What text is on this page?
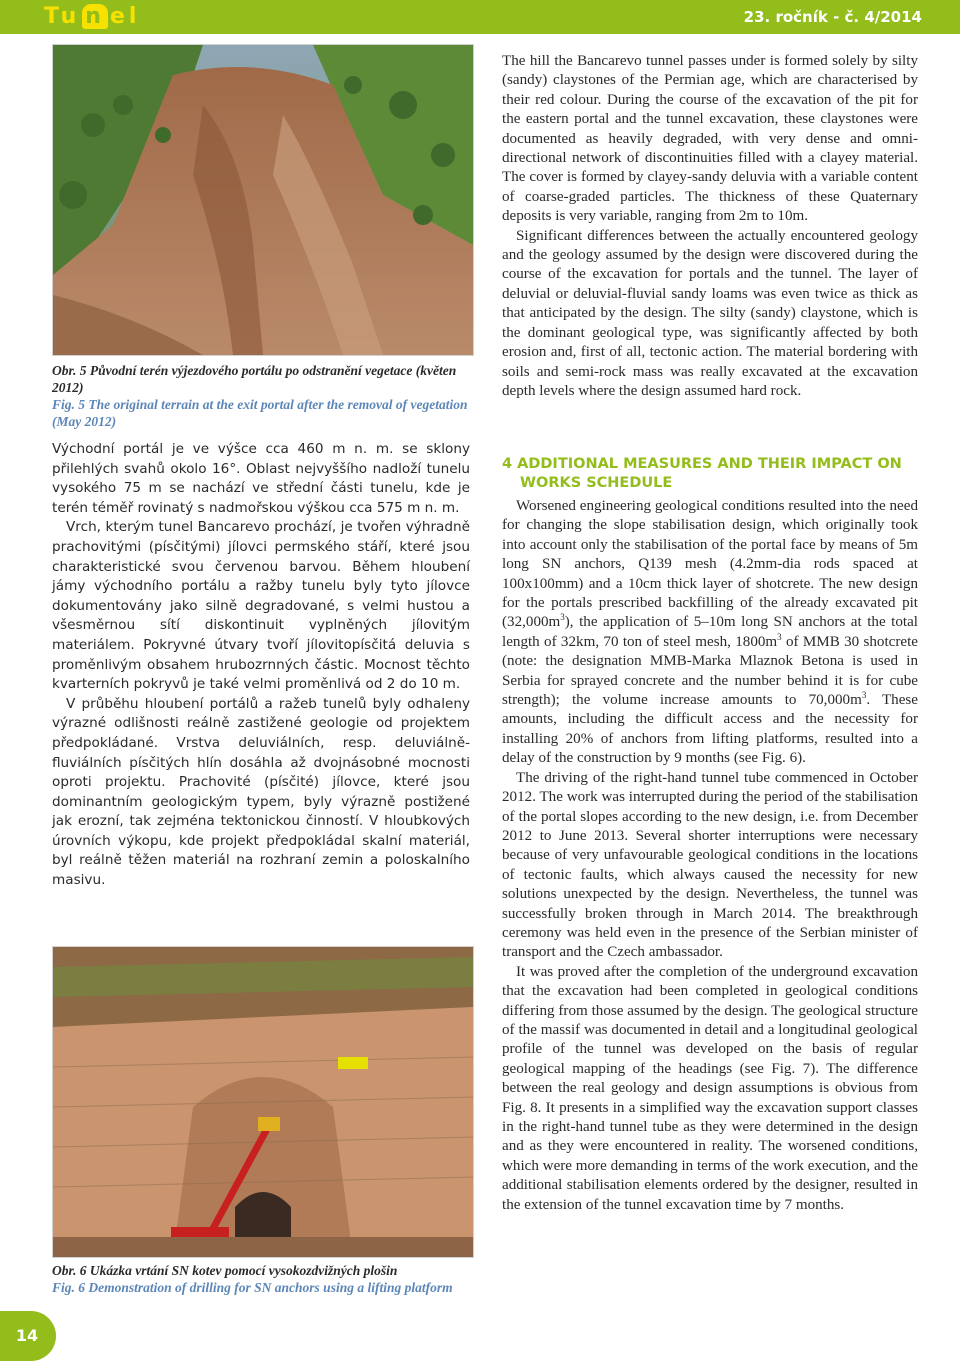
Tu n el	23. ročník - č. 4/2014
Obr. 5 Původní terén výjezdového portálu po odstranění vegetace (květen 2012)
Fig. 5 The original terrain at the exit portal after the removal of vegetation (May 2012)

Východní portál je ve výšce cca 460 m n. m. se sklony přilehlých svahů okolo 16°. Oblast nejvyššího nadloží tunelu vysokého 75 m se nachází ve střední části tunelu, kde je terén téměř rovinatý s nadmořskou výškou cca 575 m n. m.

Vrch, kterým tunel Bancarevo prochází, je tvořen výhradně prachovitými (písčitými) jílovci permského stáří, které jsou charakteristické svou červenou barvou. Během hloubení jámy východního portálu a ražby tunelu byly tyto jílovce dokumentovány jako silně degradované, s velmi hustou a všesměrnou sítí diskontinuit vyplněných jílovitým materiálem. Pokryvné útvary tvoří jílovitopísčitá deluvia s proměnlivým obsahem hrubozrnných částic. Mocnost těchto kvarterních pokryvů je také velmi proměnlivá od 2 do 10 m.

V průběhu hloubení portálů a ražeb tunelů byly odhaleny výrazné odlišnosti reálně zastižené geologie od projektem předpokládané. Vrstva deluviálních, resp. deluviálně-fluviálních písčitých hlín dosáhla až dvojnásobné mocnosti oproti projektu. Prachovité (písčité) jílovce, které jsou dominantním geologickým typem, byly výrazně postižené jak erozní, tak zejména tektonickou činností. V hloubkových úrovních výkopu, kde projekt předpokládal skalní materiál, byl reálně těžen materiál na rozhraní zemin a poloskalního masivu.

Obr. 6 Ukázka vrtání SN kotev pomocí vysokozdvižných plošin
Fig. 6 Demonstration of drilling for SN anchors using a lifting platform

The hill the Bancarevo tunnel passes under is formed solely by silty (sandy) claystones of the Permian age, which are characterised by their red colour. During the course of the excavation of the pit for the eastern portal and the tunnel excavation, these claystones were documented as heavily degraded, with very dense and omni-directional network of discontinuities filled with a clayey material. The cover is formed by clayey-sandy deluvia with a variable content of coarse-graded particles. The thickness of these Quaternary deposits is very variable, ranging from 2m to 10m.

Significant differences between the actually encountered geology and the geology assumed by the design were discovered during the course of the excavation for portals and the tunnel. The layer of deluvial or deluvial-fluvial sandy loams was even twice as thick as that anticipated by the design. The silty (sandy) claystone, which is the dominant geological type, was significantly affected by both erosion and, first of all, tectonic action. The material bordering with soils and semi-rock mass was really excavated at the excavation depth levels where the design assumed hard rock.

4 ADDITIONAL MEASURES AND THEIR IMPACT ON
WORKS SCHEDULE

Worsened engineering geological conditions resulted into the need for changing the slope stabilisation design, which originally took into account only the stabilisation of the portal face by means of 5m long SN anchors, Q139 mesh (4.2mm-dia rods spaced at 100x100mm) and a 10cm thick layer of shotcrete. The new design for the portals prescribed backfilling of the already excavated pit $(32,000m^3)$, the application of 5–10m long SN anchors at the total length of 32km, 70 ton of steel mesh, $1800m^3$ of MMB 30 shotcrete (note: the designation MMB-Marka Mlaznok Betona is used in Serbia for sprayed concrete and the number behind it is for cube strength); the volume increase amounts to $70,000m^3$. These amounts, including the difficult access and the necessity for installing 20% of anchors from lifting platforms, resulted into a delay of the construction by 9 months (see Fig. 6).

The driving of the right-hand tunnel tube commenced in October 2012. The work was interrupted during the period of the stabilisation of the portal slopes according to the new design, i.e. from December 2012 to June 2013. Several shorter interruptions were necessary because of very unfavourable geological conditions in the locations of tectonic faults, which always caused the necessity for new solutions unexpected by the design. Nevertheless, the tunnel was successfully broken through in March 2014. The breakthrough ceremony was held even in the presence of the Serbian minister of transport and the Czech ambassador.

It was proved after the completion of the underground excavation that the excavation had been completed in geological conditions differing from those assumed by the design. The geological structure of the massif was documented in detail and a longitudinal geological profile of the tunnel was developed on the basis of regular geological mapping of the headings (see Fig. 7). The difference between the real geology and design assumptions is obvious from Fig. 8. It presents in a simplified way the excavation support classes in the right-hand tunnel tube as they were determined in the design and as they were encountered in reality. The worsened conditions, which were more demanding in terms of the work execution, and the additional stabilisation elements ordered by the designer, resulted in the extension of the tunnel excavation time by 7 months.

14
